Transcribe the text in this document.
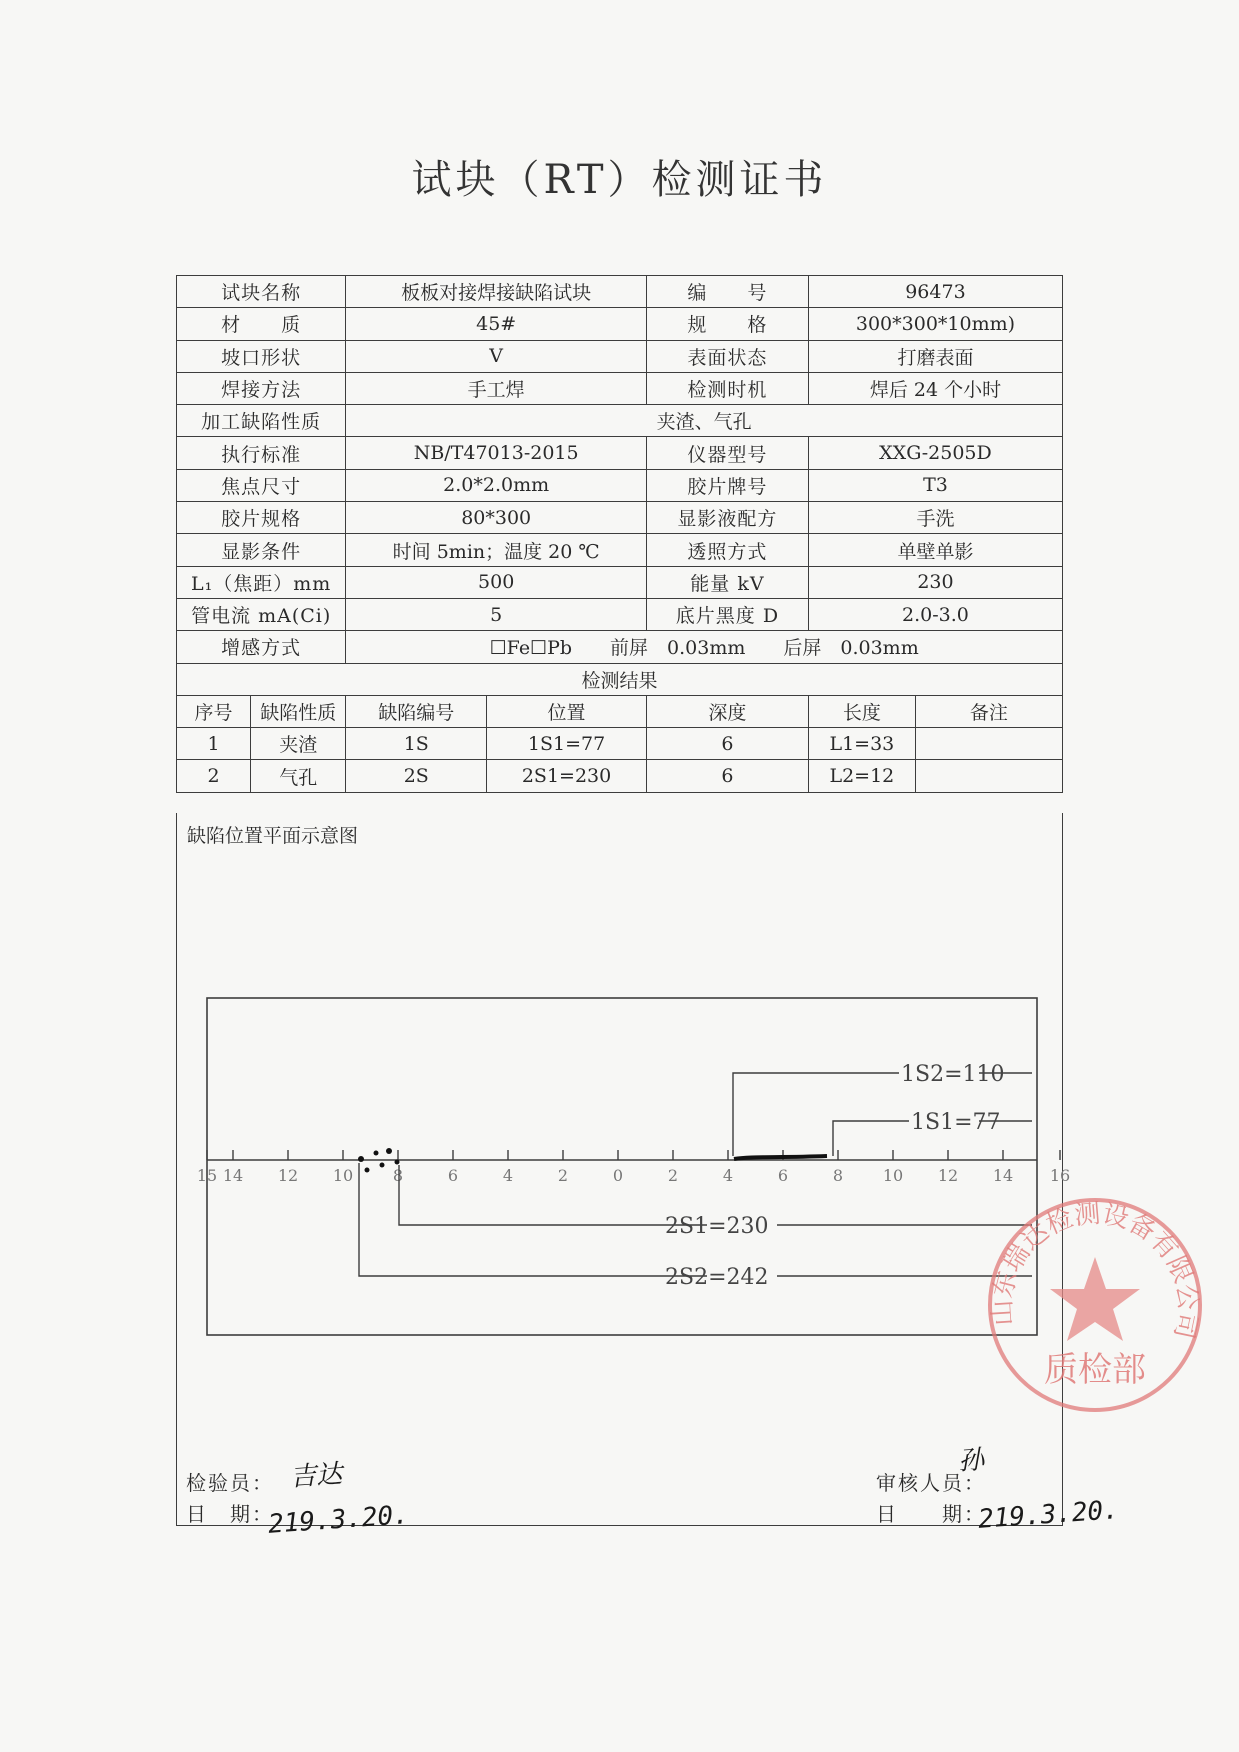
试块（RT）检测证书
试块名称		板板对接焊接缺陷试块		编　　号	96473	
材　　质		45#		规　　格	300*300*10mm)	
坡口形状		V		表面状态	打磨表面	
焊接方法		手工焊		检测时机	焊后 24 个小时	
加工缺陷性质		夹渣、气孔				
执行标准		NB/T47013-2015		仪器型号	XXG-2505D	
焦点尺寸		2.0*2.0mm		胶片牌号	T3	
胶片规格		80*300		显影液配方	手洗	
显影条件		时间 5min；温度 20 ℃		透照方式	单壁单影	
L₁（焦距）mm		500		能量 kV	230	
管电流 mA(Ci)		5		底片黑度 D	2.0-3.0	
增感方式		☐Fe☐Pb　　前屏　0.03mm　　后屏　0.03mm				
检测结果						
序号	缺陷性质	缺陷编号	位置	深度	长度	备注
1	夹渣	1S	1S1=77	6	L1=33	
2	气孔	2S	2S1=230	6	L2=12	
缺陷位置平面示意图
15 14 12 10 8	6	4	2	0	2	4	6	8 10 12 14 16
1S2=110
1S1=77
2S1=230
2S2=242
检验员： 吉达
日　期：
219.3.20.
审核人员：
孙
日　　期：
219.3.20.
山东瑞达检测设备有限公司
质检部
